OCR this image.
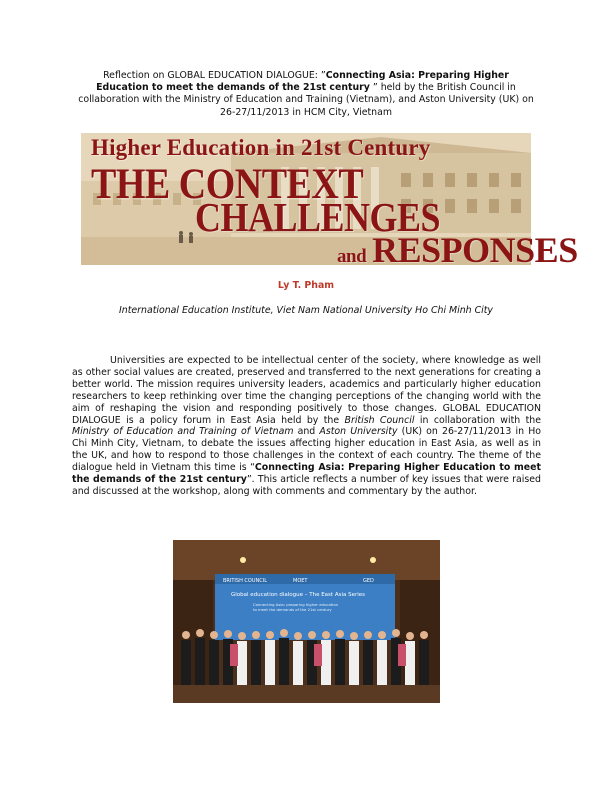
Reflection on GLOBAL EDUCATION DIALOGUE: ”Connecting Asia: Preparing Higher Education to meet the demands of the 21st century ” held by the British Council in collaboration with the Ministry of Education and Training (Vietnam), and Aston University (UK) on 26-27/11/2013 in HCM City, Vietnam
Higher Education in 21st Century
THE CONTEXT
CHALLENGES
and RESPONSES
Ly T. Pham
International Education Institute, Viet Nam National University Ho Chi Minh City
Universities are expected to be intellectual center of the society, where knowledge as well as other social values are created, preserved and transferred to the next generations for creating a better world. The mission requires university leaders, academics and particularly higher education researchers to keep rethinking over time the changing perceptions of the changing world with the aim of reshaping the vision and responding positively to those changes. GLOBAL EDUCATION DIALOGUE is a policy forum in East Asia held by the British Council in collaboration with the Ministry of Education and Training of Vietnam and Aston University (UK) on 26-27/11/2013 in Ho Chi Minh City, Vietnam, to debate the issues affecting higher education in East Asia, as well as in the UK, and how to respond to those challenges in the context of each country. The theme of the dialogue held in Vietnam this time is “Connecting Asia: Preparing Higher Education to meet the demands of the 21st century”. This article reflects a number of key issues that were raised and discussed at the workshop, along with comments and commentary by the author.
BRITISH COUNCIL	MOET	GED
Global education dialogue – The East Asia Series
Connecting Asia: preparing higher education
to meet the demands of the 21st century
